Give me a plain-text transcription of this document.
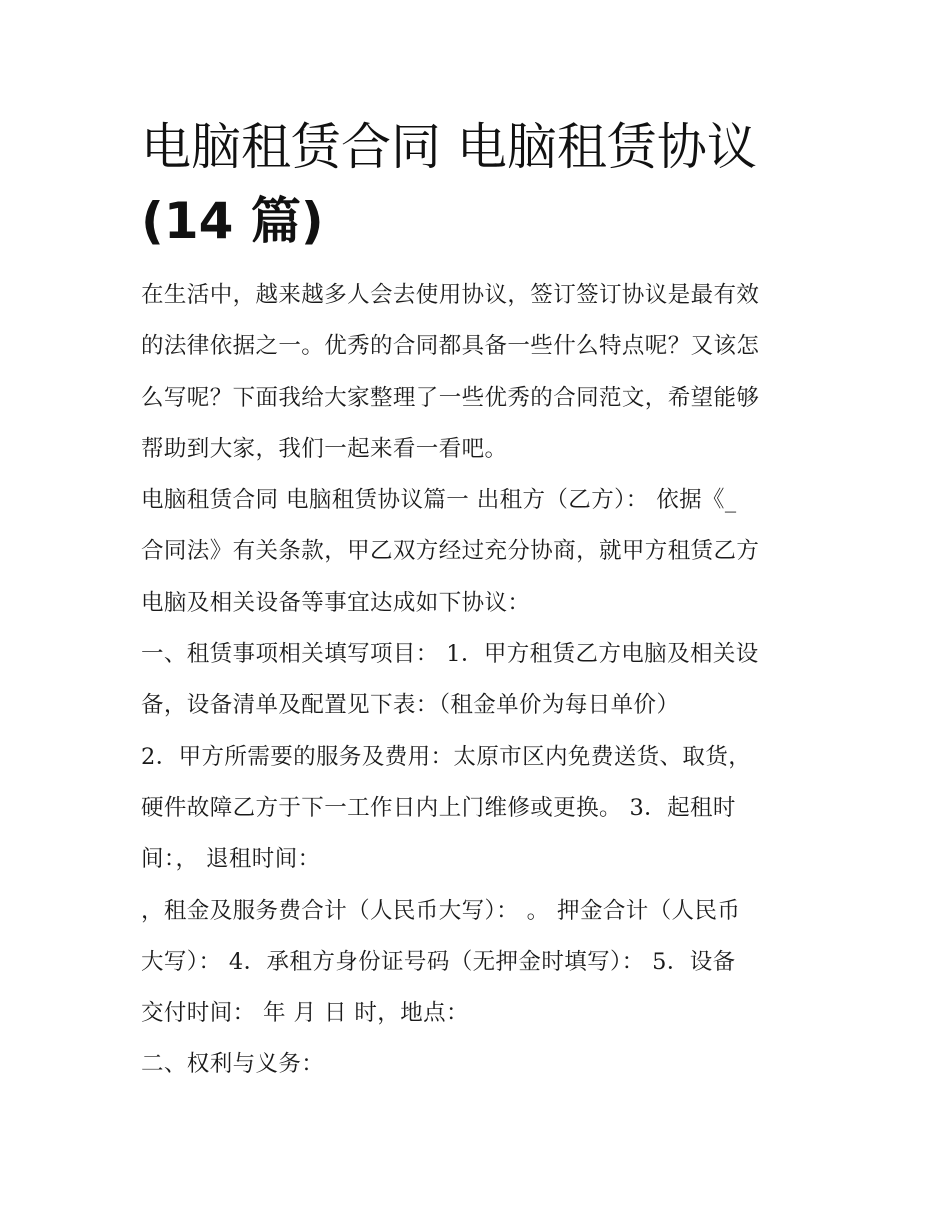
电脑租赁合同 电脑租赁协议
(14 篇)

在生活中，越来越多人会去使用协议，签订签订协议是最有效
的法律依据之一。优秀的合同都具备一些什么特点呢？又该怎
么写呢？下面我给大家整理了一些优秀的合同范文，希望能够
帮助到大家，我们一起来看一看吧。

电脑租赁合同 电脑租赁协议篇一 出租方（乙方）： 依据《_
合同法》有关条款，甲乙双方经过充分协商，就甲方租赁乙方
电脑及相关设备等事宜达成如下协议：

一、租赁事项相关填写项目： 1．甲方租赁乙方电脑及相关设
备，设备清单及配置见下表：（租金单价为每日单价）

2．甲方所需要的服务及费用：太原市区内免费送货、取货，
硬件故障乙方于下一工作日内上门维修或更换。 3．起租时
间：， 退租时间：

，租金及服务费合计（人民币大写）： 。 押金合计（人民币
大写）： 4．承租方身份证号码（无押金时填写）： 5．设备
交付时间： 年 月 日 时，地点：

二、权利与义务：
